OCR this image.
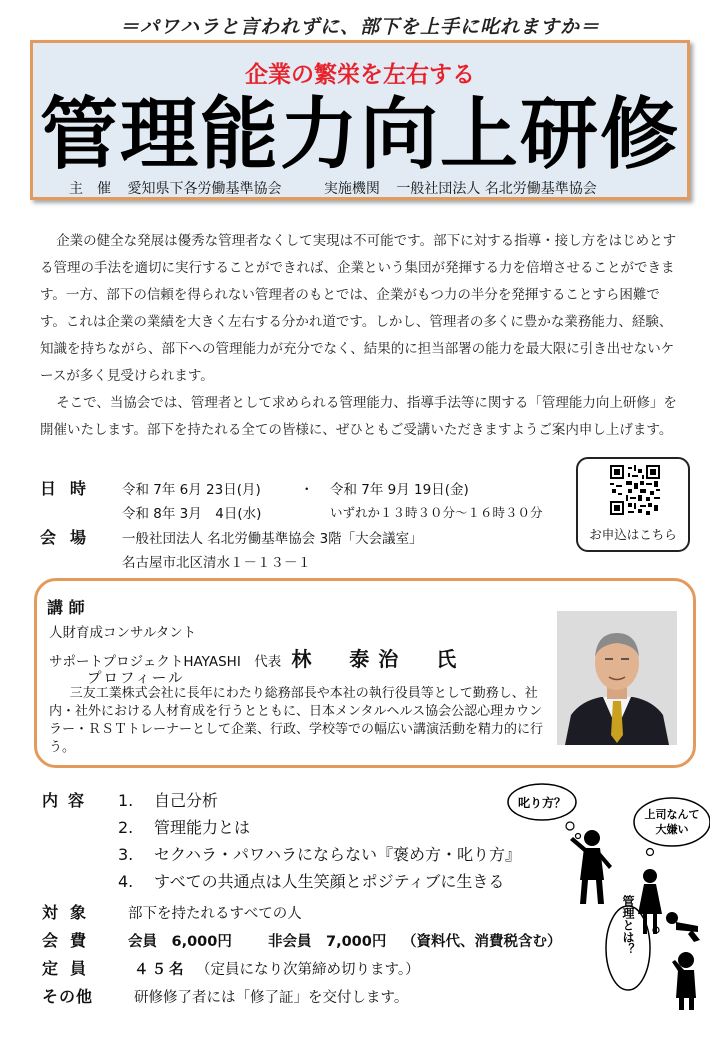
＝パワハラと言われずに、部下を上手に叱れますか＝
企業の繁栄を左右する
管理能力向上研修
主　催 愛知県下各労働基準協会	実施機関 一般社団法人 名北労働基準協会

企業の健全な発展は優秀な管理者なくして実現は不可能です。部下に対する指導・接し方をはじめとする管理の手法を適切に実行することができれば、企業という集団が発揮する力を倍増させることができます。一方、部下の信頼を得られない管理者のもとでは、企業がもつ力の半分を発揮することすら困難です。これは企業の業績を大きく左右する分かれ道です。しかし、管理者の多くに豊かな業務能力、経験、知識を持ちながら、部下への管理能力が充分でなく、結果的に担当部署の能力を最大限に引き出せないケースが多く見受けられます。

そこで、当協会では、管理者として求められる管理能力、指導手法等に関する「管理能力向上研修」を開催いたします。部下を持たれる全ての皆様に、ぜひともご受講いただきますようご案内申し上げます。

日時 令和 7年 6月 23日(月)	・ 令和 7年 9月 19日(金)
令和 8年 3月　4日(水)	いずれか１３時３０分～１６時３０分
会場 一般社団法人 名北労働基準協会 3階「大会議室」
名古屋市北区清水１－１３－１
お申込はこちら
講 師
人財育成コンサルタント
サポートプロジェクトHAYASHI　代表 林　泰治　氏
プロフィール

三友工業株式会社に長年にわたり総務部長や本社の執行役員等として勤務し、社内・社外における人材育成を行うとともに、日本メンタルヘルス協会公認心理カウンラー・ＲＳＴトレーナーとして企業、行政、学校等での幅広い講演活動を精力的に行う。

内容 1. 自己分析
2. 管理能力とは
3. セクハラ・パワハラにならない『褒め方・叱り方』
4. すべての共通点は人生笑顔とポジティブに生きる
対象 部下を持たれるすべての人
会費 会員　6,000円 非会員　7,000円 （資料代、消費税含む）
定員 ４５名 （定員になり次第締め切ります。）
その他	研修修了者には「修了証」を交付します。
叱り方？
上司なんて
大嫌い
管理とは？
